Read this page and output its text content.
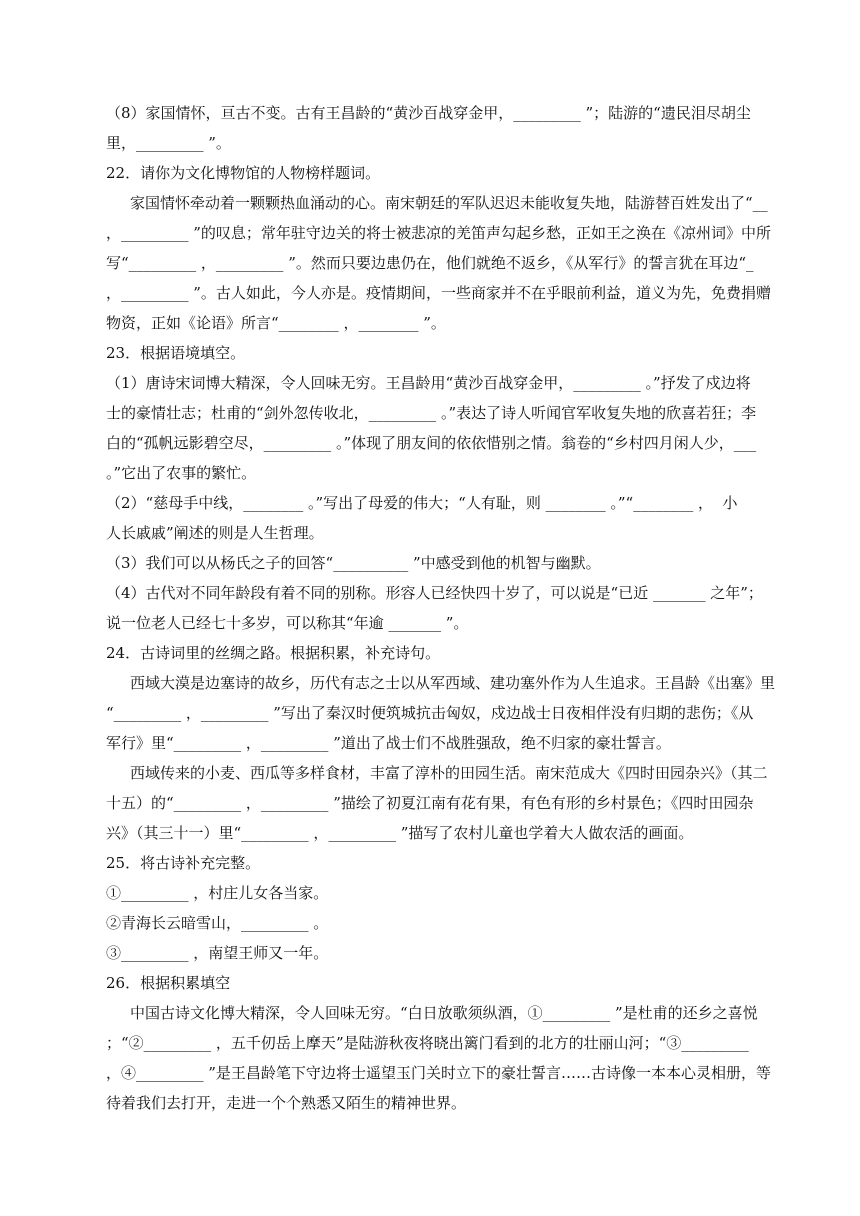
（8）家国情怀，亘古不变。古有王昌龄的“黄沙百战穿金甲，_________ ”；陆游的“遗民泪尽胡尘

里，_________ ”。

22．请你为文化博物馆的人物榜样题词。

家国情怀牵动着一颗颗热血涌动的心。南宋朝廷的军队迟迟未能收复失地，陆游替百姓发出了“__

，_________ ”的叹息；常年驻守边关的将士被悲凉的羌笛声勾起乡愁，正如王之涣在《凉州词》中所

写“_________ ，_________ ”。然而只要边患仍在，他们就绝不返乡，《从军行》的誓言犹在耳边“_

，_________ ”。古人如此，今人亦是。疫情期间，一些商家并不在乎眼前利益，道义为先，免费捐赠

物资，正如《论语》所言“________ ，________ ”。

23．根据语境填空。

（1）唐诗宋词博大精深，令人回味无穷。王昌龄用“黄沙百战穿金甲，_________ 。”抒发了戍边将

士的豪情壮志；杜甫的“剑外忽传收北，_________ 。”表达了诗人听闻官军收复失地的欣喜若狂；李

白的“孤帆远影碧空尽，_________ 。”体现了朋友间的依依惜别之情。翁卷的“乡村四月闲人少，___

。”它出了农事的繁忙。

（2）“慈母手中线，________ 。”写出了母爱的伟大；“人有耻，则 ________ 。”“________ ，  小

人长戚戚”阐述的则是人生哲理。

（3）我们可以从杨氏之子的回答“__________ ”中感受到他的机智与幽默。

（4）古代对不同年龄段有着不同的别称。形容人已经快四十岁了，可以说是“已近 _______ 之年”；

说一位老人已经七十多岁，可以称其“年逾 _______ ”。

24．古诗词里的丝绸之路。根据积累，补充诗句。

西域大漠是边塞诗的故乡，历代有志之士以从军西域、建功塞外作为人生追求。王昌龄《出塞》里

“_________ ，_________ ”写出了秦汉时便筑城抗击匈奴，戍边战士日夜相伴没有归期的悲伤；《从

军行》里“_________ ，_________ ”道出了战士们不战胜强敌，绝不归家的豪壮誓言。

西域传来的小麦、西瓜等多样食材，丰富了淳朴的田园生活。南宋范成大《四时田园杂兴》（其二

十五）的“_________ ，_________ ”描绘了初夏江南有花有果，有色有形的乡村景色；《四时田园杂

兴》（其三十一）里“_________ ，_________ ”描写了农村儿童也学着大人做农活的画面。

25．将古诗补充完整。

①_________ ，村庄儿女各当家。

②青海长云暗雪山，_________ 。

③_________ ，南望王师又一年。

26．根据积累填空

中国古诗文化博大精深，令人回味无穷。“白日放歌须纵酒，①_________ ”是杜甫的还乡之喜悦

；“②_________ ，五千仞岳上摩天”是陆游秋夜将晓出篱门看到的北方的壮丽山河；“③_________

，④_________ ”是王昌龄笔下守边将士遥望玉门关时立下的豪壮誓言……古诗像一本本心灵相册，等

待着我们去打开，走进一个个熟悉又陌生的精神世界。
